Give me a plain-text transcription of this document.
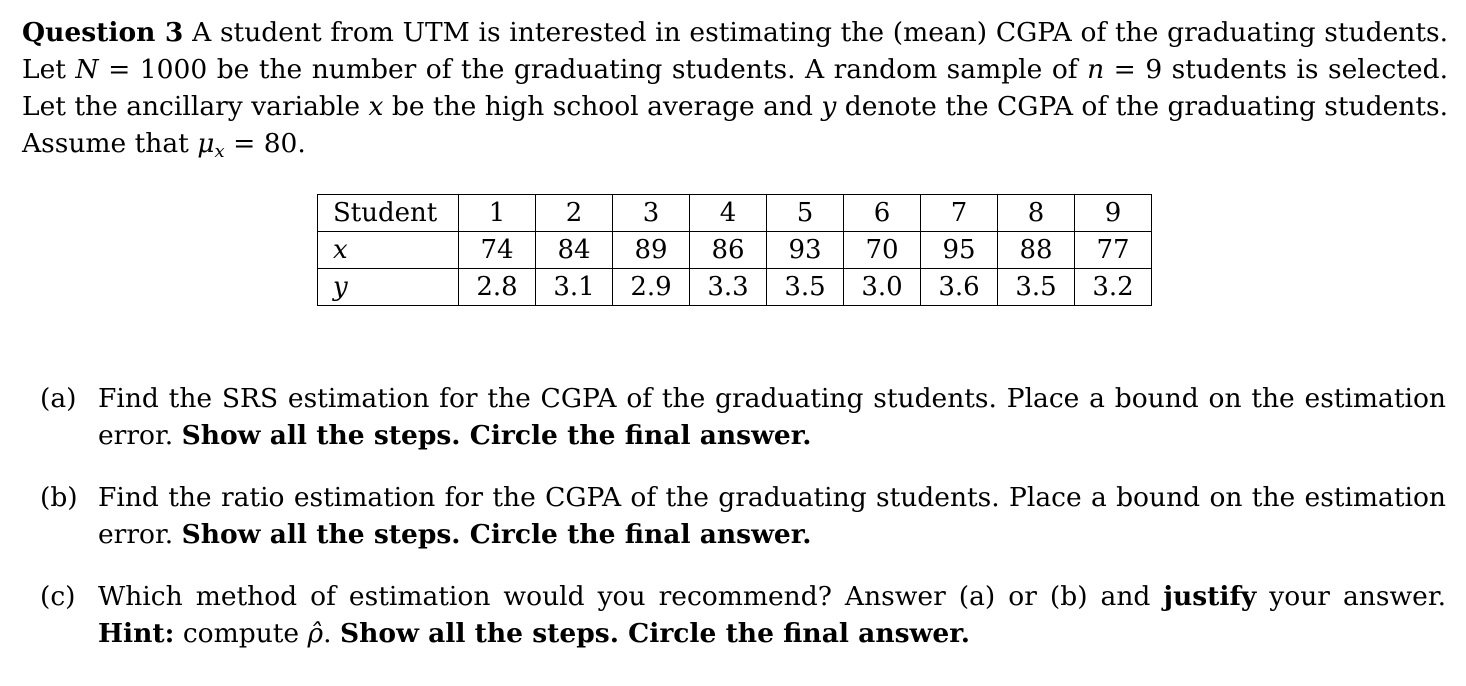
Question 3 A student from UTM is interested in estimating the (mean) CGPA of the graduating students.
Let N = 1000 be the number of the graduating students. A random sample of n = 9 students is selected.
Let the ancillary variable x be the high school average and y denote the CGPA of the graduating students.
Assume that $\mu_x = 80$.
Student	1	2	3	4	5	6	7	8	9
x	74	84	89	86	93	70	95	88	77
y	2.8	3.1	2.9	3.3	3.5	3.0	3.6	3.5	3.2
(a) Find the SRS estimation for the CGPA of the graduating students. Place a bound on the estimation
error. Show all the steps. Circle the final answer.
(b) Find the ratio estimation for the CGPA of the graduating students. Place a bound on the estimation
error. Show all the steps. Circle the final answer.
(c) Which method of estimation would you recommend? Answer (a) or (b) and justify your answer.
Hint: compute ρ̂. Show all the steps. Circle the final answer.
